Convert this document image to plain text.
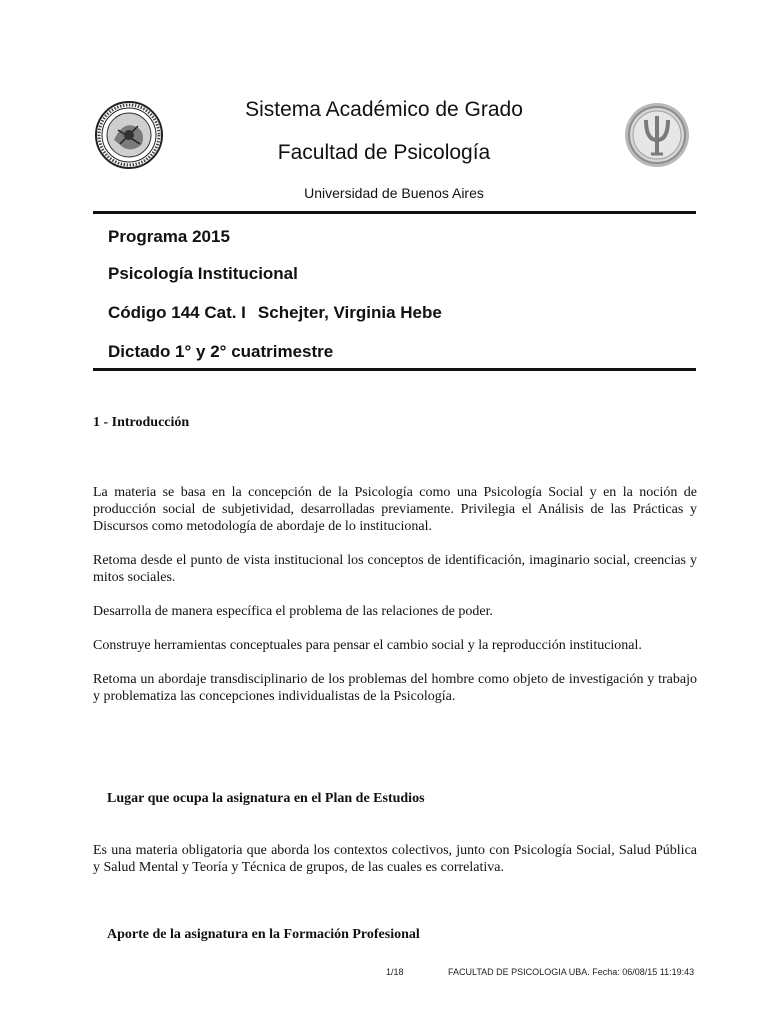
Sistema Académico de Grado
Facultad de Psicología
Universidad de Buenos Aires
Programa 2015
Psicología Institucional
Código 144 Cat. I Schejter, Virginia Hebe
Dictado 1° y 2° cuatrimestre
1 - Introducción

La materia se basa en la concepción de la Psicología como una Psicología Social y en la noción de producción social de subjetividad, desarrolladas previamente. Privilegia el Análisis de las Prácticas y Discursos como metodología de abordaje de lo institucional.

Retoma desde el punto de vista institucional los conceptos de identificación, imaginario social, creencias y mitos sociales.

Desarrolla de manera específica el problema de las relaciones de poder.

Construye herramientas conceptuales para pensar el cambio social y la reproducción institucional.

Retoma un abordaje transdisciplinario de los problemas del hombre como objeto de investigación y trabajo y problematiza las concepciones individualistas de la Psicología.

Lugar que ocupa la asignatura en el Plan de Estudios

Es una materia obligatoria que aborda los contextos colectivos, junto con Psicología Social, Salud Pública y Salud Mental y Teoría y Técnica de grupos, de las cuales es correlativa.

Aporte de la asignatura en la Formación Profesional
1/18	FACULTAD DE PSICOLOGIA UBA. Fecha: 06/08/15 11:19:43
